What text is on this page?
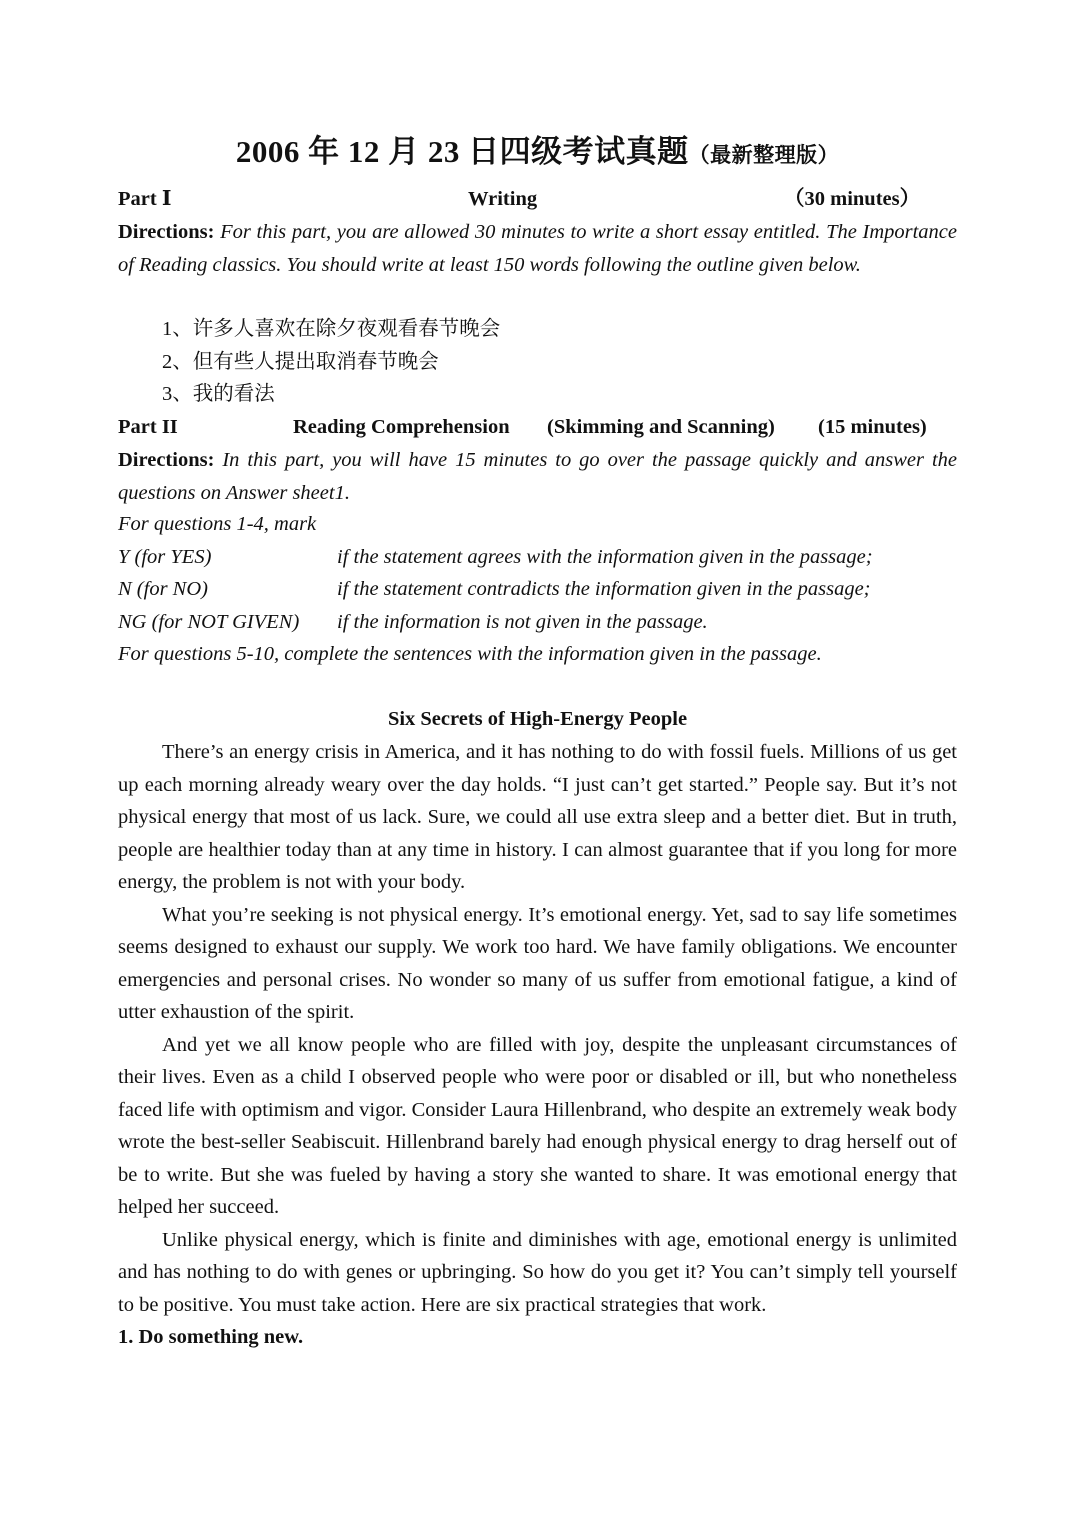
2006 年 12 月 23 日四级考试真题（最新整理版）
Part Ⅰ	Writing	（30 minutes）
Directions: For this part, you are allowed 30 minutes to write a short essay entitled. The Importance of Reading classics. You should write at least 150 words following the outline given below.
1、许多人喜欢在除夕夜观看春节晚会
2、但有些人提出取消春节晚会
3、我的看法
Part II	Reading Comprehension (Skimming and Scanning) (15 minutes)
Directions: In this part, you will have 15 minutes to go over the passage quickly and answer the questions on Answer sheet1.
For questions 1-4, mark
Y (for YES)	if the statement agrees with the information given in the passage;
N (for NO)	if the statement contradicts the information given in the passage;
NG (for NOT GIVEN) if the information is not given in the passage.
For questions 5-10, complete the sentences with the information given in the passage.
Six Secrets of High-Energy People

There’s an energy crisis in America, and it has nothing to do with fossil fuels. Millions of us get up each morning already weary over the day holds. “I just can’t get started.” People say. But it’s not physical energy that most of us lack. Sure, we could all use extra sleep and a better diet. But in truth, people are healthier today than at any time in history. I can almost guarantee that if you long for more energy, the problem is not with your body.

What you’re seeking is not physical energy. It’s emotional energy. Yet, sad to say life sometimes seems designed to exhaust our supply. We work too hard. We have family obligations. We encounter emergencies and personal crises. No wonder so many of us suffer from emotional fatigue, a kind of utter exhaustion of the spirit.

And yet we all know people who are filled with joy, despite the unpleasant circumstances of their lives. Even as a child I observed people who were poor or disabled or ill, but who nonetheless faced life with optimism and vigor. Consider Laura Hillenbrand, who despite an extremely weak body wrote the best-seller Seabiscuit. Hillenbrand barely had enough physical energy to drag herself out of be to write. But she was fueled by having a story she wanted to share. It was emotional energy that helped her succeed.

Unlike physical energy, which is finite and diminishes with age, emotional energy is unlimited and has nothing to do with genes or upbringing. So how do you get it? You can’t simply tell yourself to be positive. You must take action. Here are six practical strategies that work.

1. Do something new.
